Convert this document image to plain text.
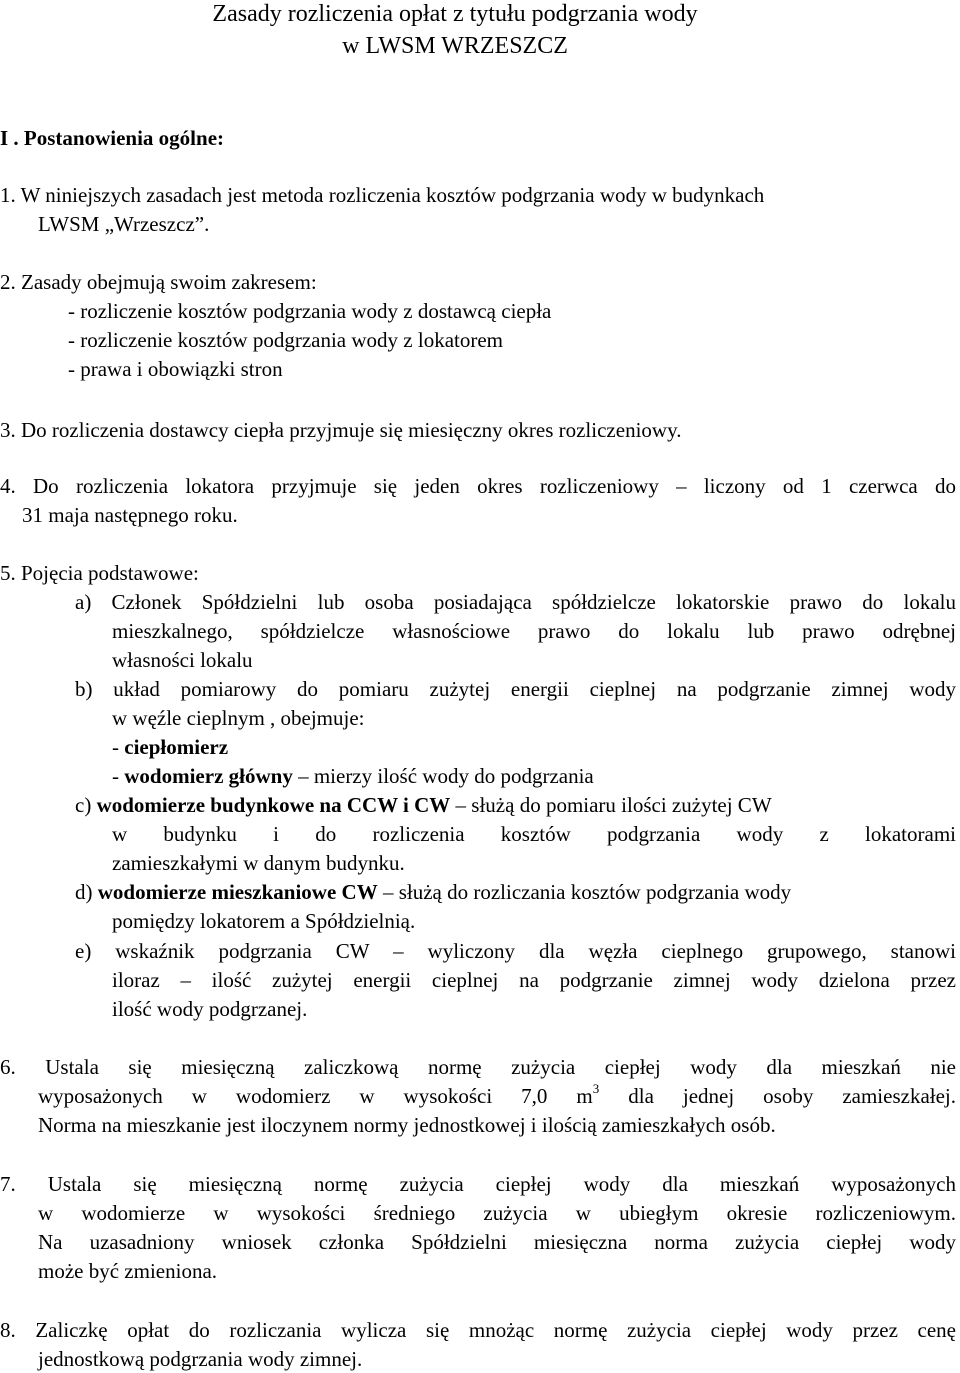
Zasady rozliczenia opłat z tytułu podgrzania wody
w LWSM WRZESZCZ
I . Postanowienia ogólne:
1. W niniejszych zasadach jest metoda rozliczenia kosztów podgrzania wody w budynkach
LWSM „Wrzeszcz”.
2. Zasady obejmują swoim zakresem:
- rozliczenie kosztów podgrzania wody z dostawcą ciepła
- rozliczenie kosztów podgrzania wody z lokatorem
- prawa i obowiązki stron
3. Do rozliczenia dostawcy ciepła przyjmuje się miesięczny okres rozliczeniowy.
4. Do rozliczenia lokatora przyjmuje się jeden okres rozliczeniowy – liczony od 1 czerwca do
31 maja następnego roku.
5. Pojęcia podstawowe:
a) Członek Spółdzielni lub osoba posiadająca spółdzielcze lokatorskie prawo do lokalu
mieszkalnego, spółdzielcze własnościowe prawo do lokalu lub prawo odrębnej
własności lokalu
b) układ pomiarowy do pomiaru zużytej energii cieplnej na podgrzanie zimnej wody
w węźle cieplnym , obejmuje:
- ciepłomierz
- wodomierz główny – mierzy ilość wody do podgrzania
c) wodomierze budynkowe na CCW i CW – służą do pomiaru ilości zużytej CW
w budynku i do rozliczenia kosztów podgrzania wody z lokatorami
zamieszkałymi w danym budynku.
d) wodomierze mieszkaniowe CW – służą do rozliczania kosztów podgrzania wody
pomiędzy lokatorem a Spółdzielnią.
e) wskaźnik podgrzania CW – wyliczony dla węzła cieplnego grupowego, stanowi
iloraz – ilość zużytej energii cieplnej na podgrzanie zimnej wody dzielona przez
ilość wody podgrzanej.
6. Ustala się miesięczną zaliczkową normę zużycia ciepłej wody dla mieszkań nie
wyposażonych w wodomierz w wysokości 7,0 $m^3$ dla jednej osoby zamieszkałej.
Norma na mieszkanie jest iloczynem normy jednostkowej i ilością zamieszkałych osób.
7. Ustala się miesięczną normę zużycia ciepłej wody dla mieszkań wyposażonych
w wodomierze w wysokości średniego zużycia w ubiegłym okresie rozliczeniowym.
Na uzasadniony wniosek członka Spółdzielni miesięczna norma zużycia ciepłej wody
może być zmieniona.
8. Zaliczkę opłat do rozliczania wylicza się mnożąc normę zużycia ciepłej wody przez cenę
jednostkową podgrzania wody zimnej.
